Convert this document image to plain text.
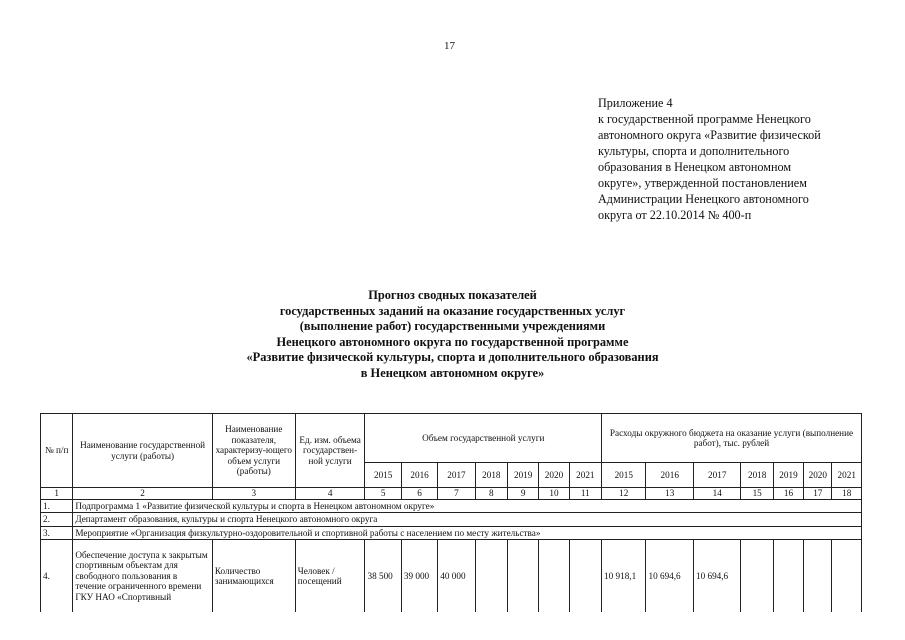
17
Приложение 4
к государственной программе Ненецкого
автономного округа «Развитие физической
культуры, спорта и дополнительного
образования в Ненецком автономном
округе», утвержденной постановлением
Администрации Ненецкого автономного
округа от 22.10.2014 № 400-п
Прогноз сводных показателей
государственных заданий на оказание государственных услуг
(выполнение работ) государственными учреждениями
Ненецкого автономного округа по государственной программе
«Развитие физической культуры, спорта и дополнительного образования
в Ненецком автономном округе»
№ п/п	Наименование государственной услуги (работы)	Наименование показателя, характеризу-ющего объем услуги (работы)	Ед. изм. объема государствен-ной услуги	Объем государственной услуги							Расходы окружного бюджета на оказание услуги (выполнение работ), тыс. рублей						
				2015	2016	2017	2018	2019	2020	2021	2015	2016	2017	2018	2019	2020	2021
1	2	3	4	5	6	7	8	9	10	11	12	13	14	15	16	17	18
1.	Подпрограмма 1 «Развитие физической культуры и спорта в Ненецком автономном округе»																
2.	Департамент образования, культуры и спорта Ненецкого автономного округа																
3.	Мероприятие «Организация физкультурно-оздоровительной и спортивной работы с населением по месту жительства»																
4.	Обеспечение доступа к закрытым спортивным объектам для свободного пользования в течение ограниченного времени ГКУ НАО «Спортивный	Количество занимающихся	Человек / посещений	38 500	39 000	40 000					10 918,1	10 694,6	10 694,6				
